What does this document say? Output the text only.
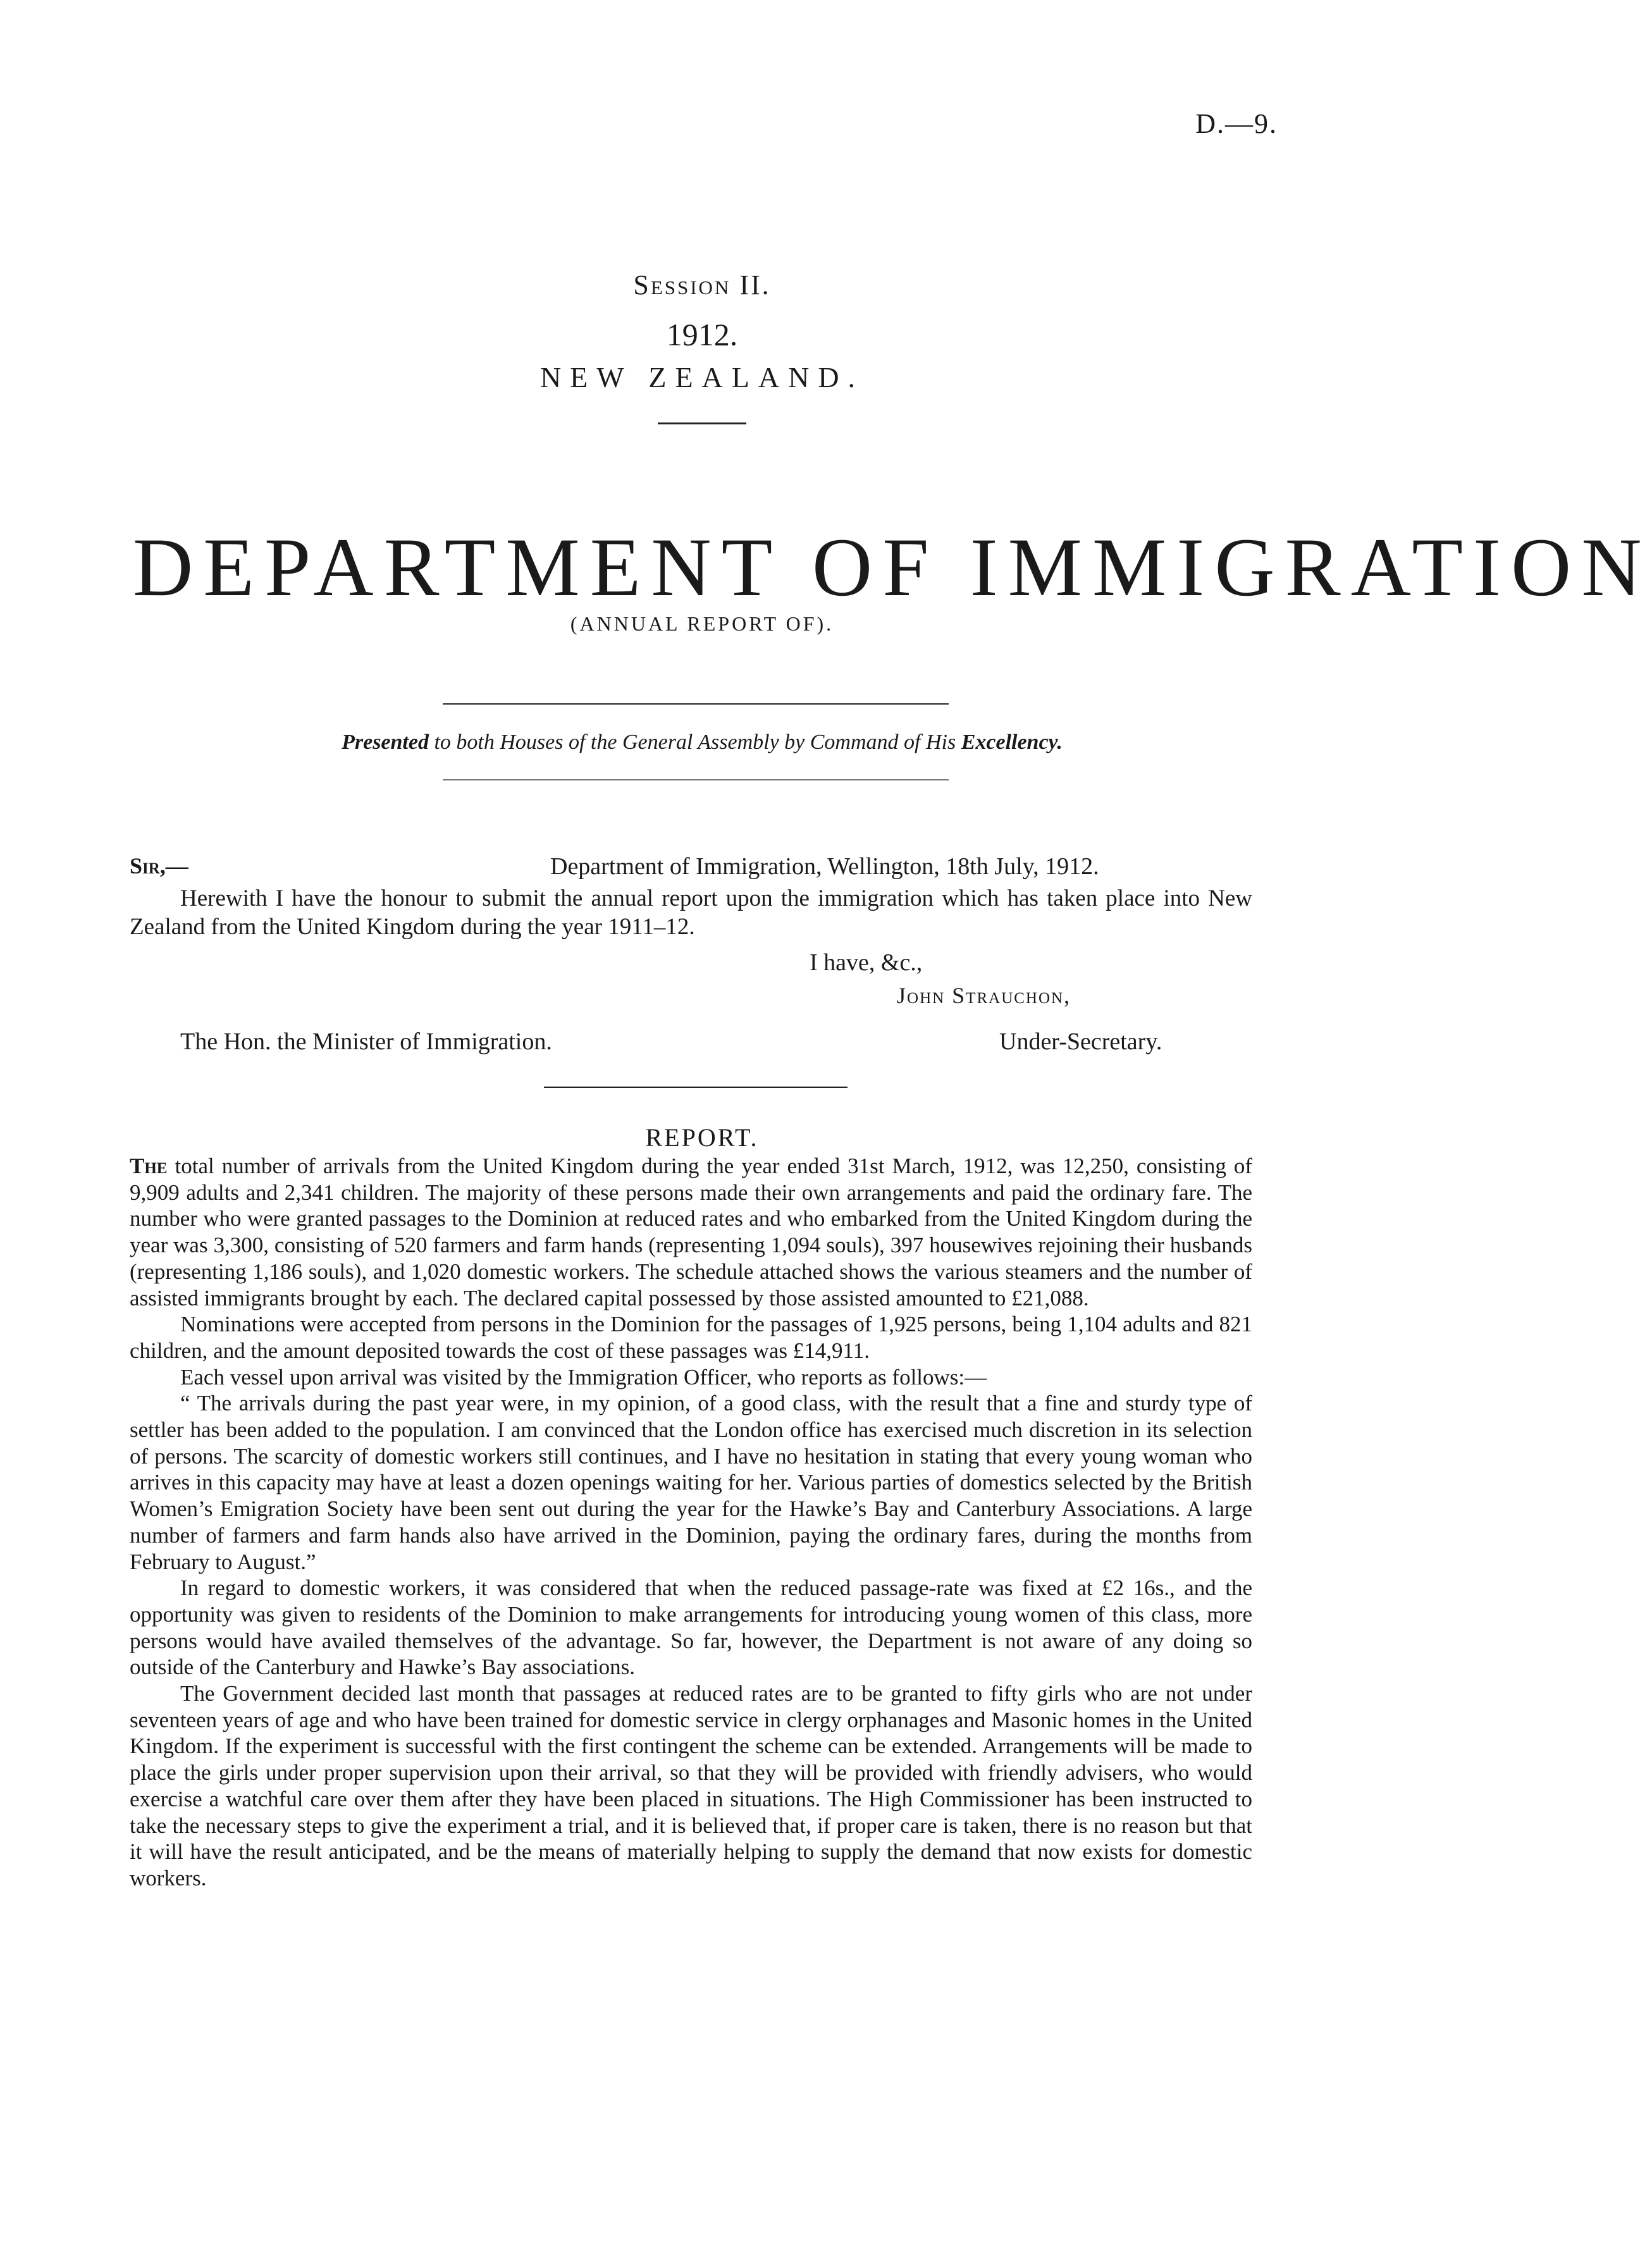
D.—9.
Session II.
1912.
NEW ZEALAND.
DEPARTMENT OF IMMIGRATION
(ANNUAL REPORT OF).
Presented to both Houses of the General Assembly by Command of His Excellency.
Sir,—	Department of Immigration, Wellington, 18th July, 1912.
Herewith I have the honour to submit the annual report upon the immigration which has taken place into New Zealand from the United Kingdom during the year 1911–12.
I have, &c.,
John Strauchon,
The Hon. the Minister of Immigration.	Under-Secretary.
REPORT.

The total number of arrivals from the United Kingdom during the year ended 31st March, 1912, was 12,250, consisting of 9,909 adults and 2,341 children. The majority of these persons made their own arrangements and paid the ordinary fare. The number who were granted passages to the Dominion at reduced rates and who embarked from the United Kingdom during the year was 3,300, consisting of 520 farmers and farm hands (representing 1,094 souls), 397 housewives rejoining their husbands (representing 1,186 souls), and 1,020 domestic workers. The schedule attached shows the various steamers and the number of assisted immigrants brought by each. The declared capital possessed by those assisted amounted to £21,088.

Nominations were accepted from persons in the Dominion for the passages of 1,925 persons, being 1,104 adults and 821 children, and the amount deposited towards the cost of these passages was £14,911.

Each vessel upon arrival was visited by the Immigration Officer, who reports as follows:—

“ The arrivals during the past year were, in my opinion, of a good class, with the result that a fine and sturdy type of settler has been added to the population. I am convinced that the London office has exercised much discretion in its selection of persons. The scarcity of domestic workers still continues, and I have no hesitation in stating that every young woman who arrives in this capacity may have at least a dozen openings waiting for her. Various parties of domestics selected by the British Women’s Emigration Society have been sent out during the year for the Hawke’s Bay and Canterbury Associations. A large number of farmers and farm hands also have arrived in the Dominion, paying the ordinary fares, during the months from February to August.”

In regard to domestic workers, it was considered that when the reduced passage-rate was fixed at £2 16s., and the opportunity was given to residents of the Dominion to make arrangements for introducing young women of this class, more persons would have availed themselves of the advantage. So far, however, the Department is not aware of any doing so outside of the Canterbury and Hawke’s Bay associations.

The Government decided last month that passages at reduced rates are to be granted to fifty girls who are not under seventeen years of age and who have been trained for domestic service in clergy orphanages and Masonic homes in the United Kingdom. If the experiment is successful with the first contingent the scheme can be extended. Arrangements will be made to place the girls under proper supervision upon their arrival, so that they will be provided with friendly advisers, who would exercise a watchful care over them after they have been placed in situations. The High Commissioner has been instructed to take the necessary steps to give the experiment a trial, and it is believed that, if proper care is taken, there is no reason but that it will have the result anticipated, and be the means of materially helping to supply the demand that now exists for domestic workers.
